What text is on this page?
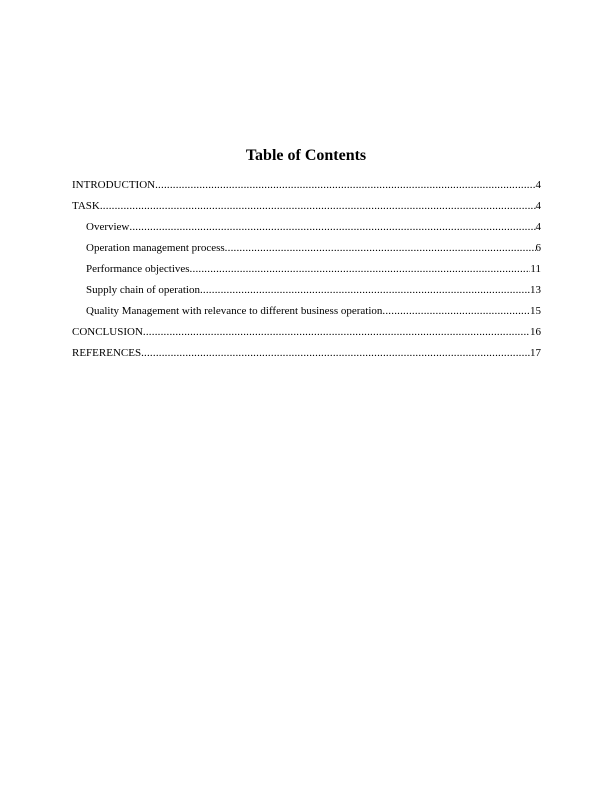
Table of Contents
INTRODUCTION .....	4
TASK .....	4
Overview .....	4
Operation management process .....	6
Performance objectives .....	11
Supply chain of operation .....	13
Quality Management with relevance to different business operation .....	15
CONCLUSION .....	16
REFERENCES .....	17
